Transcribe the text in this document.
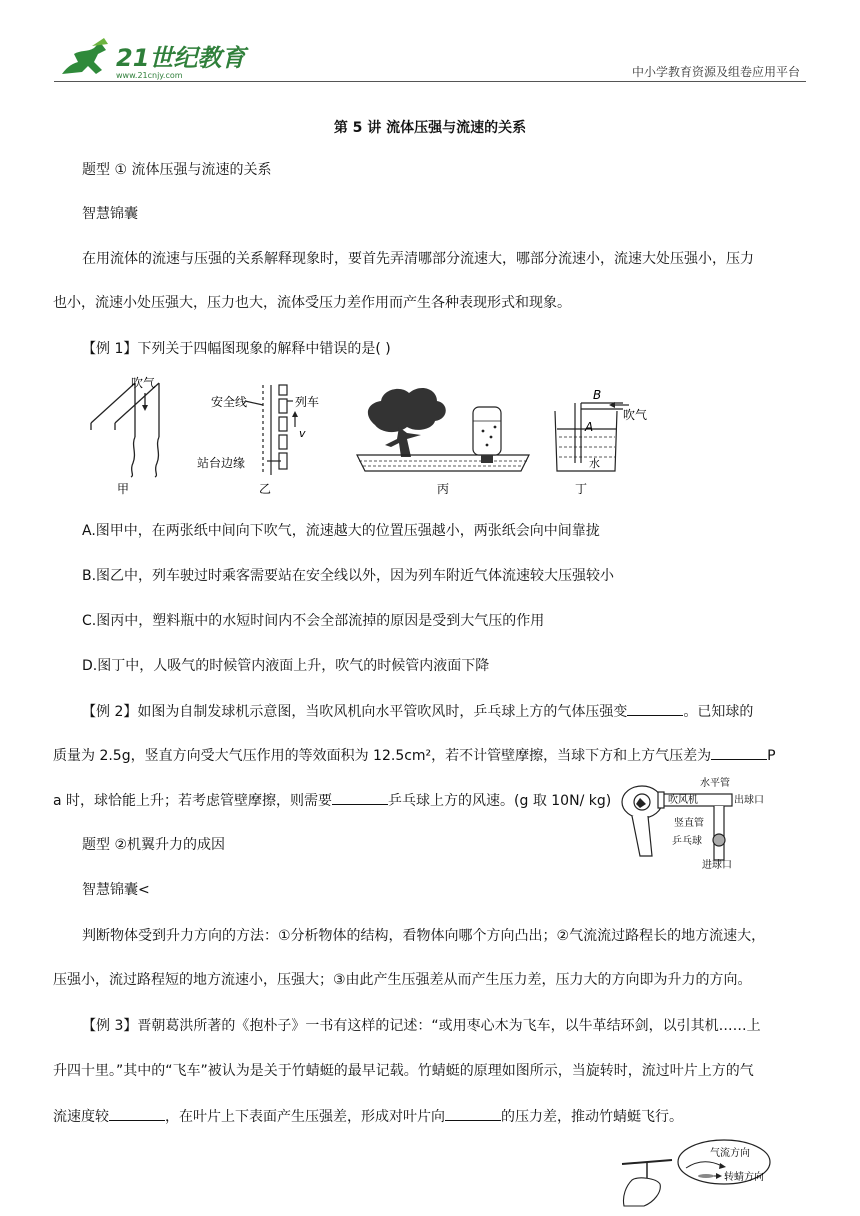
21世纪教育
www.21cnjy.com	中小学教育资源及组卷应用平台
第 5 讲 流体压强与流速的关系
题型 ① 流体压强与流速的关系
智慧锦囊
在用流体的流速与压强的关系解释现象时，要首先弄清哪部分流速大，哪部分流速小，流速大处压强小，压力
也小，流速小处压强大，压力也大，流体受压力差作用而产生各种表现形式和现象。
【例 1】下列关于四幅图现象的解释中错误的是( )
吹气
甲
安全线	列车
v
站台边缘
乙	丙
B
A
水
吹气
丁
A.图甲中，在两张纸中间向下吹气，流速越大的位置压强越小，两张纸会向中间靠拢
B.图乙中，列车驶过时乘客需要站在安全线以外，因为列车附近气体流速较大压强较小
C.图丙中，塑料瓶中的水短时间内不会全部流掉的原因是受到大气压的作用
D.图丁中，人吸气的时候管内液面上升，吹气的时候管内液面下降
【例 2】如图为自制发球机示意图，当吹风机向水平管吹风时，乒乓球上方的气体压强变	。已知球的
质量为 2.5g，竖直方向受大气压作用的等效面积为 12.5cm²，若不计管壁摩擦，当球下方和上方气压差为	P
a 时，球恰能上升；若考虑管壁摩擦，则需要	乒乓球上方的风速。(g 取 10N/ kg)
水平管
吹风机	出球口
竖直管
乒乓球
进球口
题型 ②机翼升力的成因
智慧锦囊<
判断物体受到升力方向的方法：①分析物体的结构，看物体向哪个方向凸出；②气流流过路程长的地方流速大，
压强小，流过路程短的地方流速小，压强大；③由此产生压强差从而产生压力差，压力大的方向即为升力的方向。
【例 3】晋朝葛洪所著的《抱朴子》一书有这样的记述：“或用枣心木为飞车，以牛革结环剑，以引其机……上
升四十里。”其中的“飞车”被认为是关于竹蜻蜓的最早记载。竹蜻蜓的原理如图所示，当旋转时，流过叶片上方的气
流速度较	，在叶片上下表面产生压强差，形成对叶片向	的压力差，推动竹蜻蜓飞行。
气流方向
转蜻方向
